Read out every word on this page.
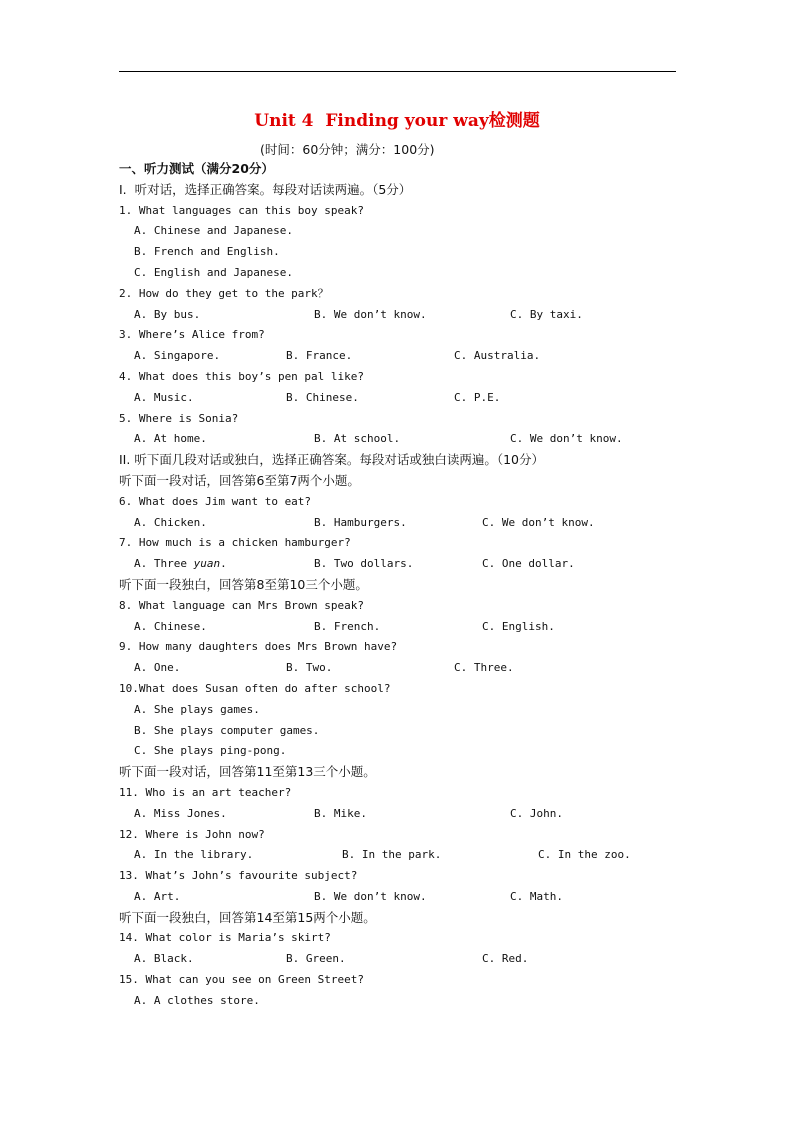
Unit 4  Finding your way检测题
(时间：60分钟；满分：100分)
一、听力测试（满分20分）
I.  听对话，选择正确答案。每段对话读两遍。（5分）
1. What languages can this boy speak?
A. Chinese and Japanese.
B. French and English.
C. English and Japanese.
2. How do they get to the park？

A. By bus.

	B. We don’t know.

	C. By taxi.

3. Where’s Alice from?

A. Singapore.

	B. France.

	C. Australia.

4. What does this boy’s pen pal like?

A. Music.

	B. Chinese.

	C. P.E.

5. Where is Sonia?

A. At home.

	B. At school.

	C. We don’t know.

II. 听下面几段对话或独白，选择正确答案。每段对话或独白读两遍。（10分）
听下面一段对话，回答第6至第7两个小题。
6. What does Jim want to eat?

A. Chicken.

	B. Hamburgers.

	C. We don’t know.

7. How much is a chicken hamburger?

A. Three yuan.

	B. Two dollars.

	C. One dollar.

听下面一段独白，回答第8至第10三个小题。
8. What language can Mrs Brown speak?

A. Chinese.

	B. French.

	C. English.

9. How many daughters does Mrs Brown have?

A. One.

	B. Two.

	C. Three.

10.What does Susan often do after school?
A. She plays games.
B. She plays computer games.
C. She plays ping-pong.
听下面一段对话，回答第11至第13三个小题。
11. Who is an art teacher?

A. Miss Jones.

	B. Mike.

	C. John.

12. Where is John now?

A. In the library.

	B. In the park.

	C. In the zoo.

13. What’s John’s favourite subject?

A. Art.

	B. We don’t know.

	C. Math.

听下面一段独白，回答第14至第15两个小题。
14. What color is Maria’s skirt?

A. Black.

	B. Green.

	C. Red.

15. What can you see on Green Street?
A. A clothes store.
